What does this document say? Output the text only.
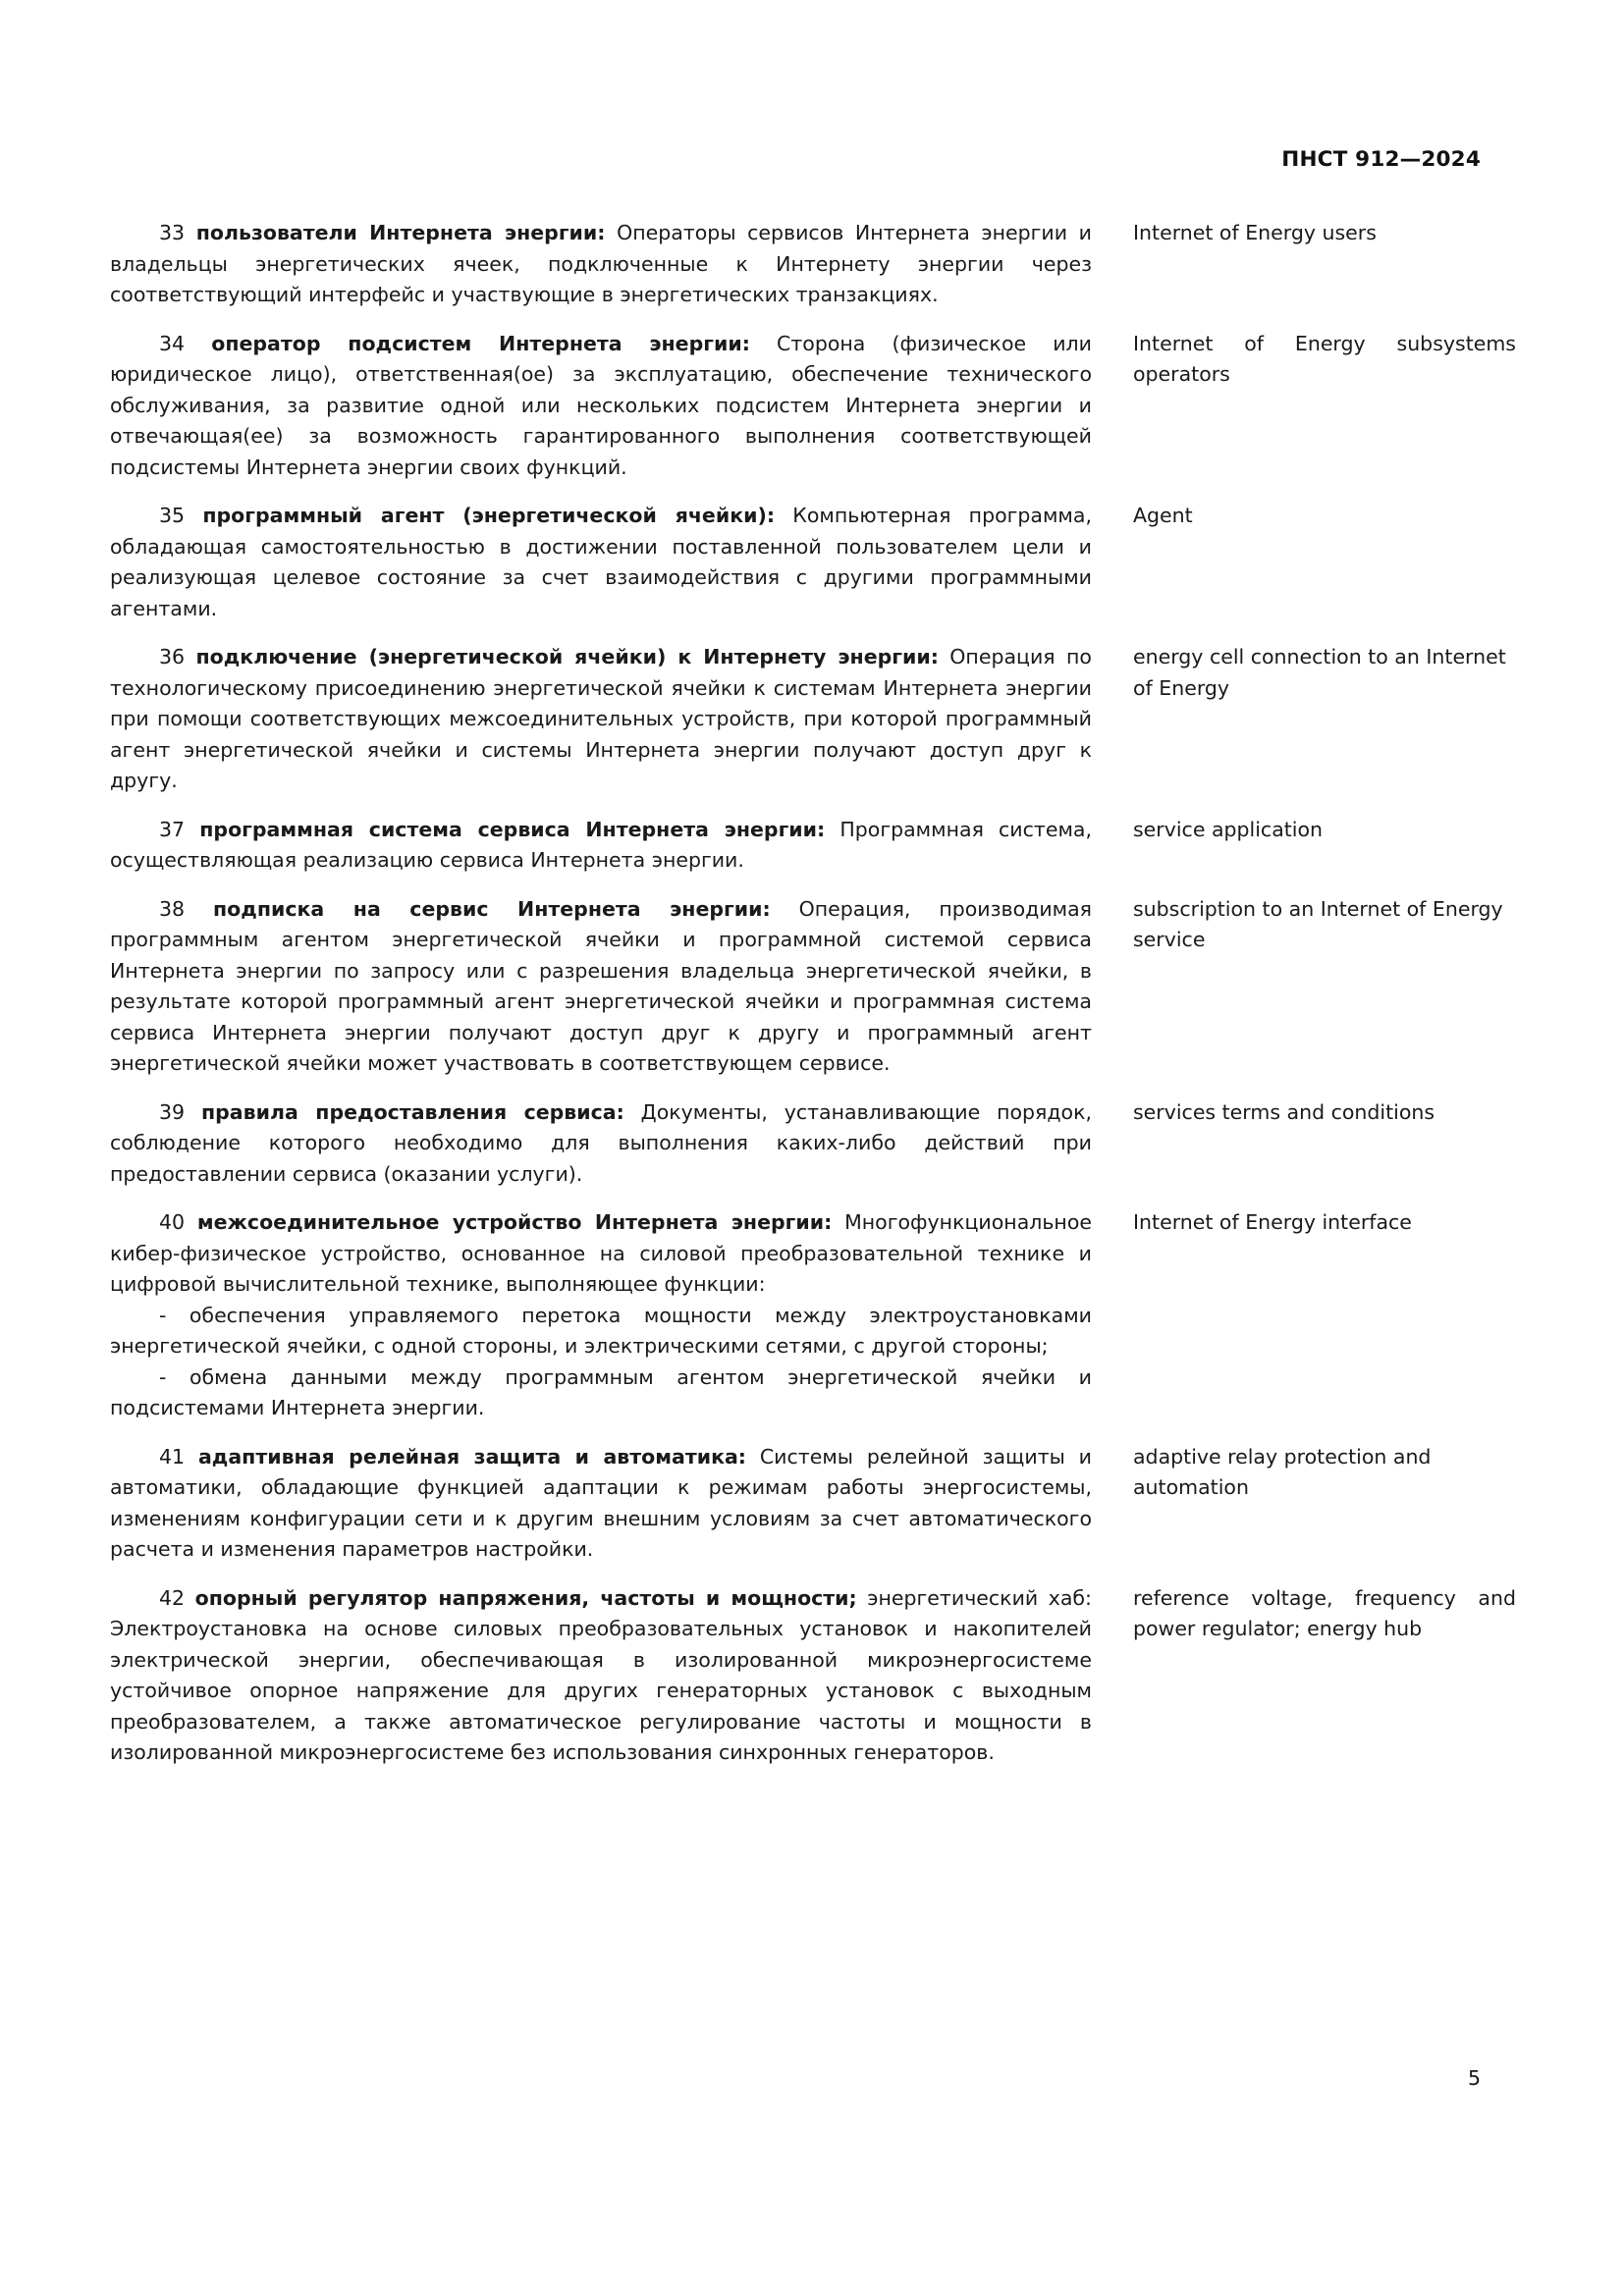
ПНСТ 912—2024
33 пользователи Интернета энергии: Операторы сервисов Интернета энергии и владельцы энергетических ячеек, подключенные к Интернету энергии через соответствующий интерфейс и участвующие в энергетических транзакциях.
Internet of Energy users
34 оператор подсистем Интернета энергии: Сторона (физическое или юридическое лицо), ответственная(ое) за эксплуатацию, обеспечение технического обслуживания, за развитие одной или нескольких подсистем Интернета энергии и отвечающая(ее) за возможность гарантированного выполнения соответствующей подсистемы Интернета энергии своих функций.
Internet of Energy subsystems operators
35 программный агент (энергетической ячейки): Компьютерная программа, обладающая самостоятельностью в достижении поставленной пользователем цели и реализующая целевое состояние за счет взаимодействия с другими программными агентами.
Agent
36 подключение (энергетической ячейки) к Интернету энергии: Операция по технологическому присоединению энергетической ячейки к системам Интернета энергии при помощи соответствующих межсоединительных устройств, при которой программный агент энергетической ячейки и системы Интернета энергии получают доступ друг к другу.
energy cell connection to an Internet of Energy
37 программная система сервиса Интернета энергии: Программная система, осуществляющая реализацию сервиса Интернета энергии.
service application
38 подписка на сервис Интернета энергии: Операция, производимая программным агентом энергетической ячейки и программной системой сервиса Интернета энергии по запросу или с разрешения владельца энергетической ячейки, в результате которой программный агент энергетической ячейки и программная система сервиса Интернета энергии получают доступ друг к другу и программный агент энергетической ячейки может участвовать в соответствующем сервисе.
subscription to an Internet of Energy service
39 правила предоставления сервиса: Документы, устанавливающие порядок, соблюдение которого необходимо для выполнения каких-либо действий при предоставлении сервиса (оказании услуги).
services terms and conditions
40 межсоединительное устройство Интернета энергии: Многофункциональное кибер-физическое устройство, основанное на силовой преобразовательной технике и цифровой вычислительной технике, выполняющее функции:
- обеспечения управляемого перетока мощности между электроустановками энергетической ячейки, с одной стороны, и электрическими сетями, с другой стороны;
- обмена данными между программным агентом энергетической ячейки и подсистемами Интернета энергии.
Internet of Energy interface
41 адаптивная релейная защита и автоматика: Системы релейной защиты и автоматики, обладающие функцией адаптации к режимам работы энергосистемы, изменениям конфигурации сети и к другим внешним условиям за счет автоматического расчета и изменения параметров настройки.
adaptive relay protection and automation
42 опорный регулятор напряжения, частоты и мощности; энергетический хаб: Электроустановка на основе силовых преобразовательных установок и накопителей электрической энергии, обеспечивающая в изолированной микроэнергосистеме устойчивое опорное напряжение для других генераторных установок с выходным преобразователем, а также автоматическое регулирование частоты и мощности в изолированной микроэнергосистеме без использования синхронных генераторов.
reference voltage, frequency and power regulator; energy hub
5
